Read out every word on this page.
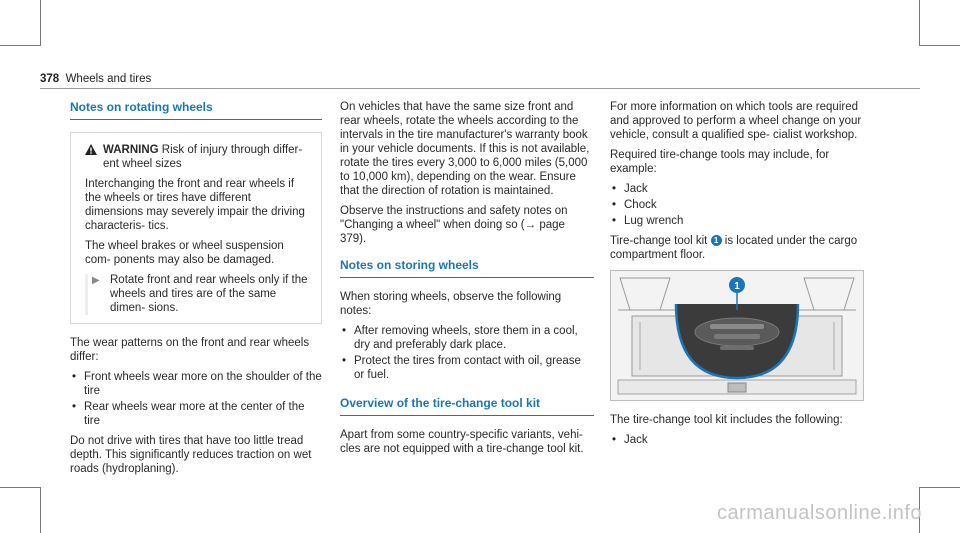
378 Wheels and tires
Notes on rotating wheels
WARNING Risk of injury through differ- ent wheel sizes

Interchanging the front and rear wheels if the wheels or tires have different dimensions may severely impair the driving characteris- tics.

The wheel brakes or wheel suspension com- ponents may also be damaged.

▶ Rotate front and rear wheels only if the wheels and tires are of the same dimen- sions.

The wear patterns on the front and rear wheels differ:

• Front wheels wear more on the shoulder of the tire
• Rear wheels wear more at the center of the tire

Do not drive with tires that have too little tread depth. This significantly reduces traction on wet roads (hydroplaning).

On vehicles that have the same size front and rear wheels, rotate the wheels according to the intervals in the tire manufacturer's warranty book in your vehicle documents. If this is not available, rotate the tires every 3,000 to 6,000 miles (5,000 to 10,000 km), depending on the wear. Ensure that the direction of rotation is maintained.

Observe the instructions and safety notes on "Changing a wheel" when doing so (→ page 379).

Notes on storing wheels

When storing wheels, observe the following notes:

• After removing wheels, store them in a cool, dry and preferably dark place.
• Protect the tires from contact with oil, grease or fuel.
Overview of the tire-change tool kit

Apart from some country-specific variants, vehi- cles are not equipped with a tire-change tool kit.

For more information on which tools are required and approved to perform a wheel change on your vehicle, consult a qualified spe- cialist workshop.

Required tire-change tools may include, for example:

• Jack
• Chock
• Lug wrench

Tire-change tool kit 1 is located under the cargo compartment floor.

1

The tire-change tool kit includes the following:

• Jack
carmanualsonline.info
